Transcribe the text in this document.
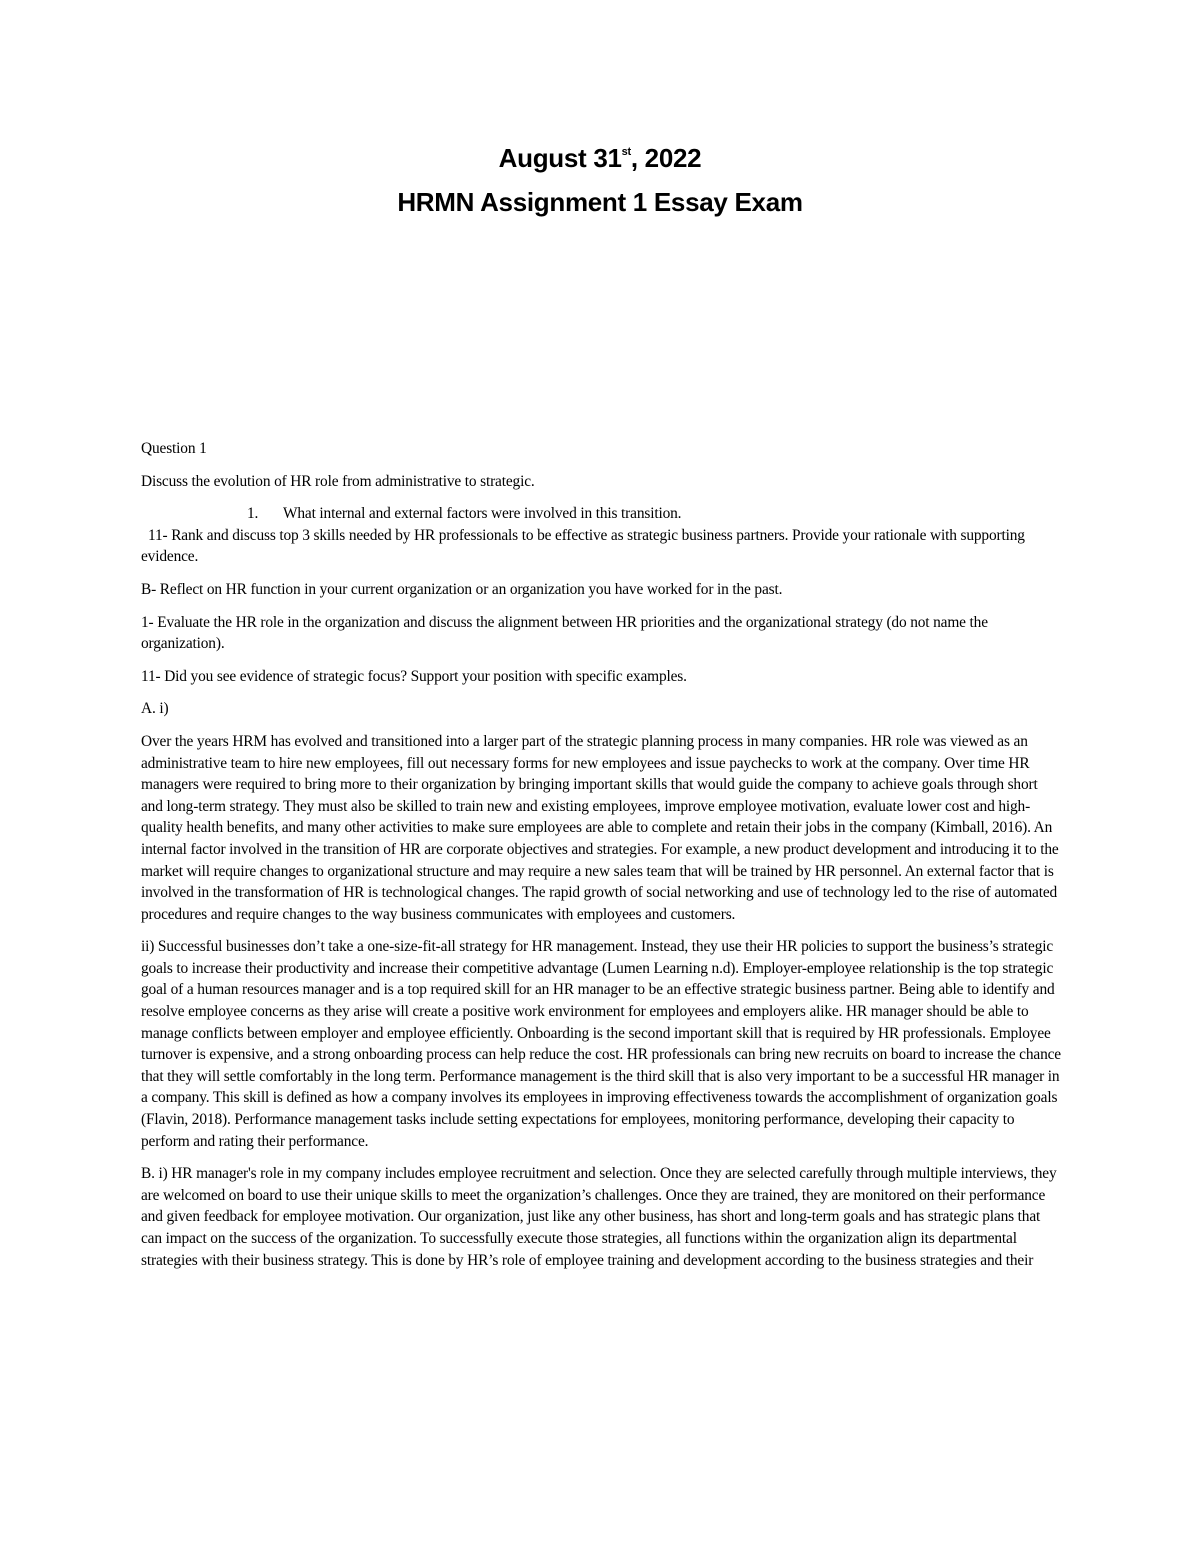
August 31st, 2022
HRMN Assignment 1 Essay Exam

Question 1

Discuss the evolution of HR role from administrative to strategic.

1. What internal and external factors were involved in this transition.

11- Rank and discuss top 3 skills needed by HR professionals to be effective as strategic business partners. Provide your rationale with supporting evidence.

B- Reflect on HR function in your current organization or an organization you have worked for in the past.

1- Evaluate the HR role in the organization and discuss the alignment between HR priorities and the organizational strategy (do not name the organization).

11- Did you see evidence of strategic focus? Support your position with specific examples.

A. i)

Over the years HRM has evolved and transitioned into a larger part of the strategic planning process in many companies. HR role was viewed as an administrative team to hire new employees, fill out necessary forms for new employees and issue paychecks to work at the company. Over time HR managers were required to bring more to their organization by bringing important skills that would guide the company to achieve goals through short and long-term strategy. They must also be skilled to train new and existing employees, improve employee motivation, evaluate lower cost and high-quality health benefits, and many other activities to make sure employees are able to complete and retain their jobs in the company (Kimball, 2016). An internal factor involved in the transition of HR are corporate objectives and strategies. For example, a new product development and introducing it to the market will require changes to organizational structure and may require a new sales team that will be trained by HR personnel. An external factor that is involved in the transformation of HR is technological changes. The rapid growth of social networking and use of technology led to the rise of automated procedures and require changes to the way business communicates with employees and customers.

ii) Successful businesses don’t take a one-size-fit-all strategy for HR management. Instead, they use their HR policies to support the business’s strategic goals to increase their productivity and increase their competitive advantage (Lumen Learning n.d). Employer-employee relationship is the top strategic goal of a human resources manager and is a top required skill for an HR manager to be an effective strategic business partner. Being able to identify and resolve employee concerns as they arise will create a positive work environment for employees and employers alike. HR manager should be able to manage conflicts between employer and employee efficiently. Onboarding is the second important skill that is required by HR professionals. Employee turnover is expensive, and a strong onboarding process can help reduce the cost. HR professionals can bring new recruits on board to increase the chance that they will settle comfortably in the long term. Performance management is the third skill that is also very important to be a successful HR manager in a company. This skill is defined as how a company involves its employees in improving effectiveness towards the accomplishment of organization goals (Flavin, 2018). Performance management tasks include setting expectations for employees, monitoring performance, developing their capacity to perform and rating their performance.

B. i) HR manager's role in my company includes employee recruitment and selection. Once they are selected carefully through multiple interviews, they are welcomed on board to use their unique skills to meet the organization’s challenges. Once they are trained, they are monitored on their performance and given feedback for employee motivation. Our organization, just like any other business, has short and long-term goals and has strategic plans that can impact on the success of the organization. To successfully execute those strategies, all functions within the organization align its departmental strategies with their business strategy. This is done by HR’s role of employee training and development according to the business strategies and their
